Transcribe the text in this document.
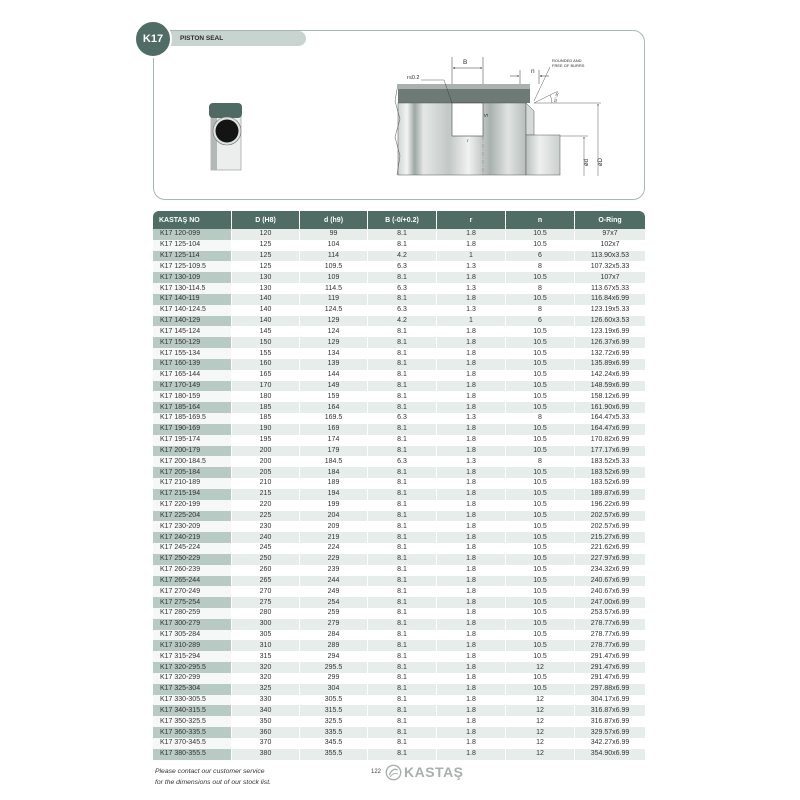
K17	PISTON SEAL
B
n
ROUNDED AND
FREE OF BURRS
r≤0.2
15°-30°
S
r
ød øD
KASTAŞ NO	D (H8)	d (h9)	B (-0/+0.2)	r	n	O-Ring
K17 120-099	120	99	8.1	1.8	10.5	97x7
K17 125-104	125	104	8.1	1.8	10.5	102x7
K17 125-114	125	114	4.2	1	6	113.90x3.53
K17 125-109.5	125	109.5	6.3	1.3	8	107.32x5.33
K17 130-109	130	109	8.1	1.8	10.5	107x7
K17 130-114.5	130	114.5	6.3	1.3	8	113.67x5.33
K17 140-119	140	119	8.1	1.8	10.5	116.84x6.99
K17 140-124.5	140	124.5	6.3	1.3	8	123.19x5.33
K17 140-129	140	129	4.2	1	6	126.60x3.53
K17 145-124	145	124	8.1	1.8	10.5	123.19x6.99
K17 150-129	150	129	8.1	1.8	10.5	126.37x6.99
K17 155-134	155	134	8.1	1.8	10.5	132.72x6.99
K17 160-139	160	139	8.1	1.8	10.5	135.89x6.99
K17 165-144	165	144	8.1	1.8	10.5	142.24x6.99
K17 170-149	170	149	8.1	1.8	10.5	148.59x6.99
K17 180-159	180	159	8.1	1.8	10.5	158.12x6.99
K17 185-164	185	164	8.1	1.8	10.5	161.90x6.99
K17 185-169.5	185	169.5	6.3	1.3	8	164.47x5.33
K17 190-169	190	169	8.1	1.8	10.5	164.47x6.99
K17 195-174	195	174	8.1	1.8	10.5	170.82x6.99
K17 200-179	200	179	8.1	1.8	10.5	177.17x6.99
K17 200-184.5	200	184.5	6.3	1.3	8	183.52x5.33
K17 205-184	205	184	8.1	1.8	10.5	183.52x6.99
K17 210-189	210	189	8.1	1.8	10.5	183.52x6.99
K17 215-194	215	194	8.1	1.8	10.5	189.87x6.99
K17 220-199	220	199	8.1	1.8	10.5	196.22x6.99
K17 225-204	225	204	8.1	1.8	10.5	202.57x6.99
K17 230-209	230	209	8.1	1.8	10.5	202.57x6.99
K17 240-219	240	219	8.1	1.8	10.5	215.27x6.99
K17 245-224	245	224	8.1	1.8	10.5	221.62x6.99
K17 250-229	250	229	8.1	1.8	10.5	227.97x6.99
K17 260-239	260	239	8.1	1.8	10.5	234.32x6.99
K17 265-244	265	244	8.1	1.8	10.5	240.67x6.99
K17 270-249	270	249	8.1	1.8	10.5	240.67x6.99
K17 275-254	275	254	8.1	1.8	10.5	247.00x6.99
K17 280-259	280	259	8.1	1.8	10.5	253.57x6.99
K17 300-279	300	279	8.1	1.8	10.5	278.77x6.99
K17 305-284	305	284	8.1	1.8	10.5	278.77x6.99
K17 310-289	310	289	8.1	1.8	10.5	278.77x6.99
K17 315-294	315	294	8.1	1.8	10.5	291.47x6.99
K17 320-295.5	320	295.5	8.1	1.8	12	291.47x6.99
K17 320-299	320	299	8.1	1.8	10.5	291.47x6.99
K17 325-304	325	304	8.1	1.8	10.5	297.88x6.99
K17 330-305.5	330	305.5	8.1	1.8	12	304.17x6.99
K17 340-315.5	340	315.5	8.1	1.8	12	316.87x6.99
K17 350-325.5	350	325.5	8.1	1.8	12	316.87x6.99
K17 360-335.5	360	335.5	8.1	1.8	12	329.57x6.99
K17 370-345.5	370	345.5	8.1	1.8	12	342.27x6.99
K17 380-355.5	380	355.5	8.1	1.8	12	354.90x6.99
Please contact our customer service
for the dimensions out of our stock list.
122 KASTAŞ
